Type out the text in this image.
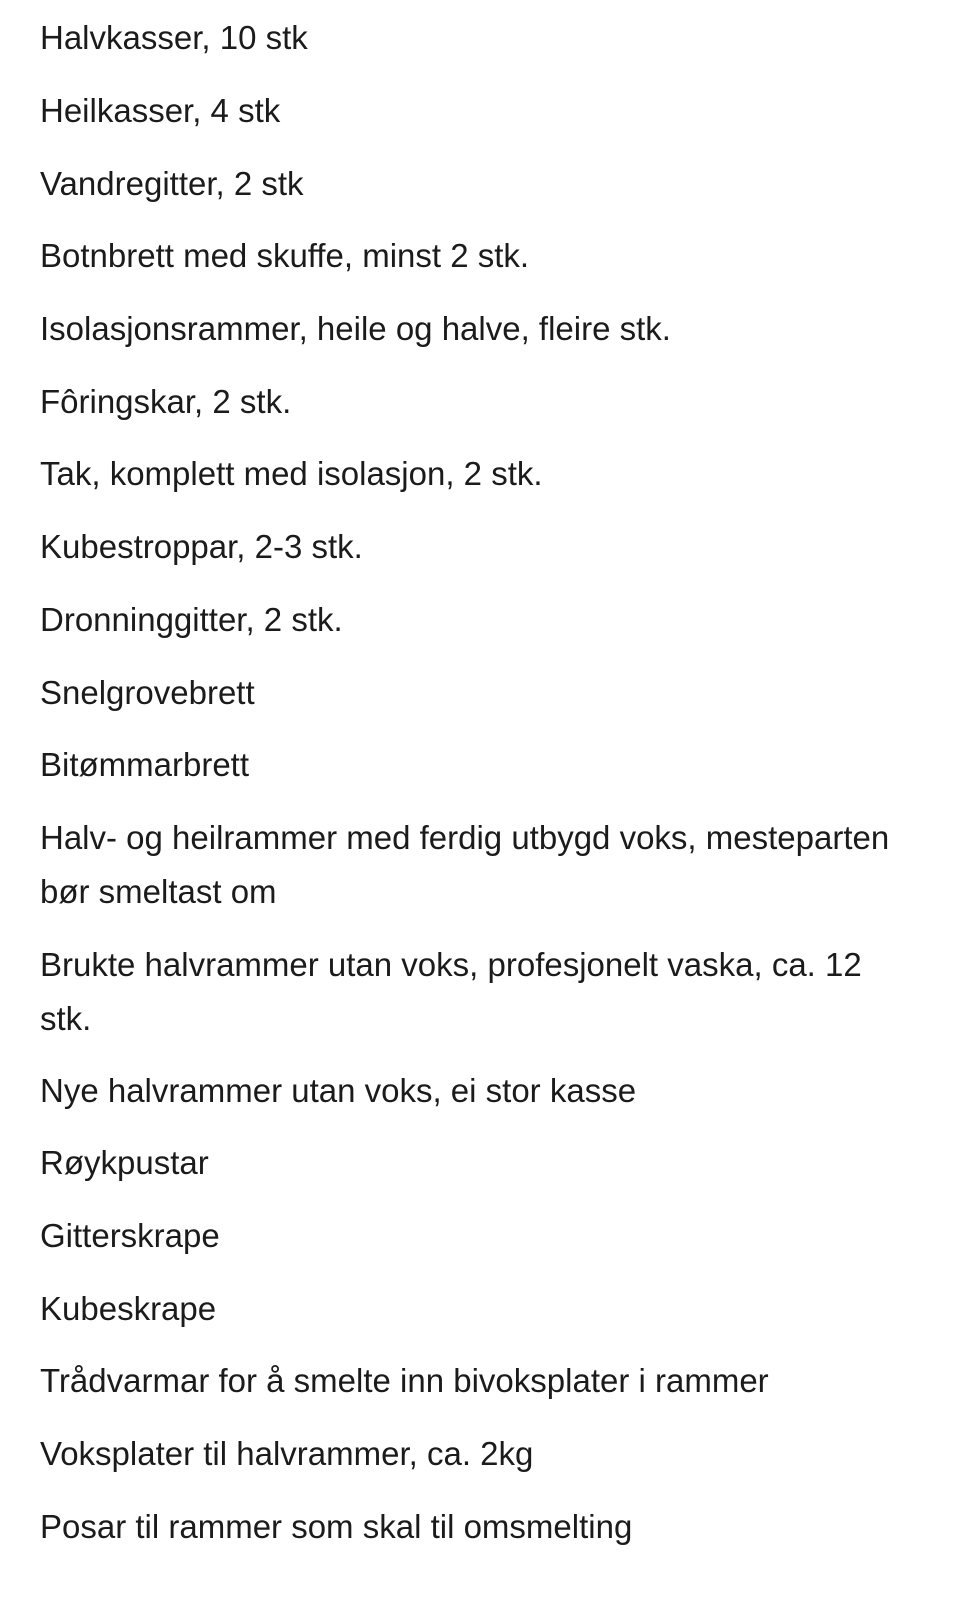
Halvkasser, 10 stk
Heilkasser, 4 stk
Vandregitter, 2 stk
Botnbrett med skuffe, minst 2 stk.
Isolasjonsrammer, heile og halve, fleire stk.
Fôringskar, 2 stk.
Tak, komplett med isolasjon, 2 stk.
Kubestroppar, 2-3 stk.
Dronninggitter, 2 stk.
Snelgrovebrett
Bitømmarbrett
Halv- og heilrammer med ferdig utbygd voks, mesteparten bør smeltast om
Brukte halvrammer utan voks, profesjonelt vaska, ca. 12 stk.
Nye halvrammer utan voks, ei stor kasse
Røykpustar
Gitterskrape
Kubeskrape
Trådvarmar for å smelte inn bivoksplater i rammer
Voksplater til halvrammer, ca. 2kg
Posar til rammer som skal til omsmelting
